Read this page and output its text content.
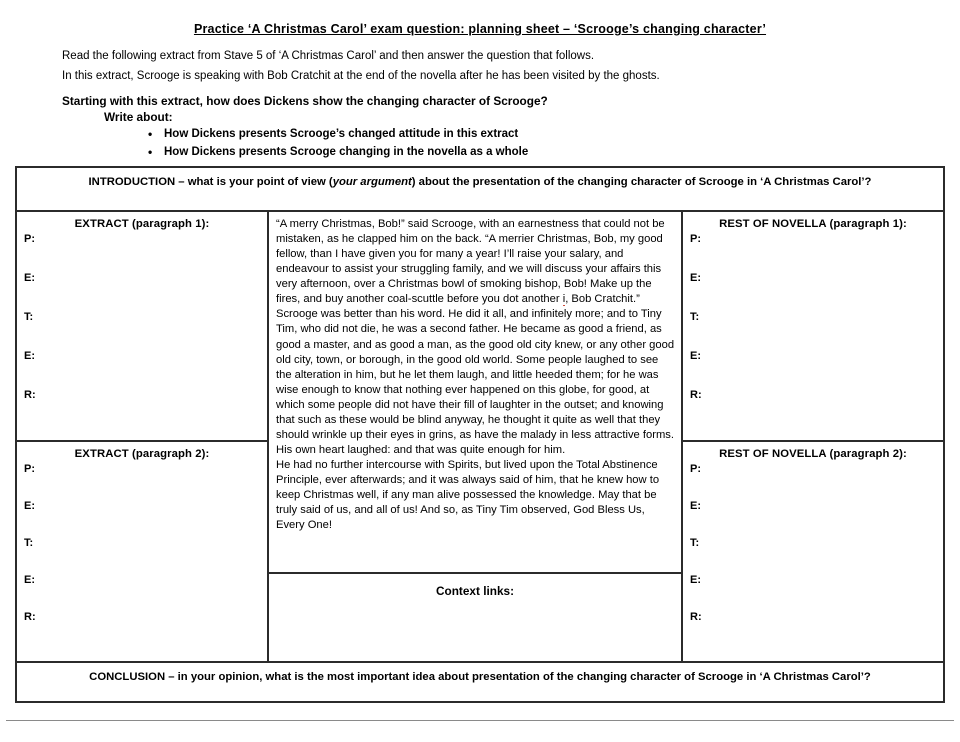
Practice ‘A Christmas Carol’ exam question: planning sheet – ‘Scrooge’s changing character’
Read the following extract from Stave 5 of ‘A Christmas Carol’ and then answer the question that follows.
In this extract, Scrooge is speaking with Bob Cratchit at the end of the novella after he has been visited by the ghosts.
Starting with this extract, how does Dickens show the changing character of Scrooge?
Write about:
• How Dickens presents Scrooge’s changed attitude in this extract
• How Dickens presents Scrooge changing in the novella as a whole
INTRODUCTION – what is your point of view (your argument) about the presentation of the changing character of Scrooge in ‘A Christmas Carol’?
EXTRACT (paragraph 1):
P:
E:
T:
E:
R:
EXTRACT (paragraph 2):
P:
E:
T:
E:
R:

“A merry Christmas, Bob!” said Scrooge, with an earnestness that could not be mistaken, as he clapped him on the back. “A merrier Christmas, Bob, my good fellow, than I have given you for many a year! I’ll raise your salary, and endeavour to assist your struggling family, and we will discuss your affairs this very afternoon, over a Christmas bowl of smoking bishop, Bob! Make up the fires, and buy another coal-scuttle before you dot another i, Bob Cratchit.” Scrooge was better than his word. He did it all, and infinitely more; and to Tiny Tim, who did not die, he was a second father. He became as good a friend, as good a master, and as good a man, as the good old city knew, or any other good old city, town, or borough, in the good old world. Some people laughed to see the alteration in him, but he let them laugh, and little heeded them; for he was wise enough to know that nothing ever happened on this globe, for good, at which some people did not have their fill of laughter in the outset; and knowing that such as these would be blind anyway, he thought it quite as well that they should wrinkle up their eyes in grins, as have the malady in less attractive forms. His own heart laughed: and that was quite enough for him.
He had no further intercourse with Spirits, but lived upon the Total Abstinence Principle, ever afterwards; and it was always said of him, that he knew how to keep Christmas well, if any man alive possessed the knowledge. May that be truly said of us, and all of us! And so, as Tiny Tim observed, God Bless Us, Every One!

Context links:
REST OF NOVELLA (paragraph 1):
P:
E:
T:
E:
R:
REST OF NOVELLA (paragraph 2):
P:
E:
T:
E:
R:
CONCLUSION – in your opinion, what is the most important idea about presentation of the changing character of Scrooge in ‘A Christmas Carol’?
